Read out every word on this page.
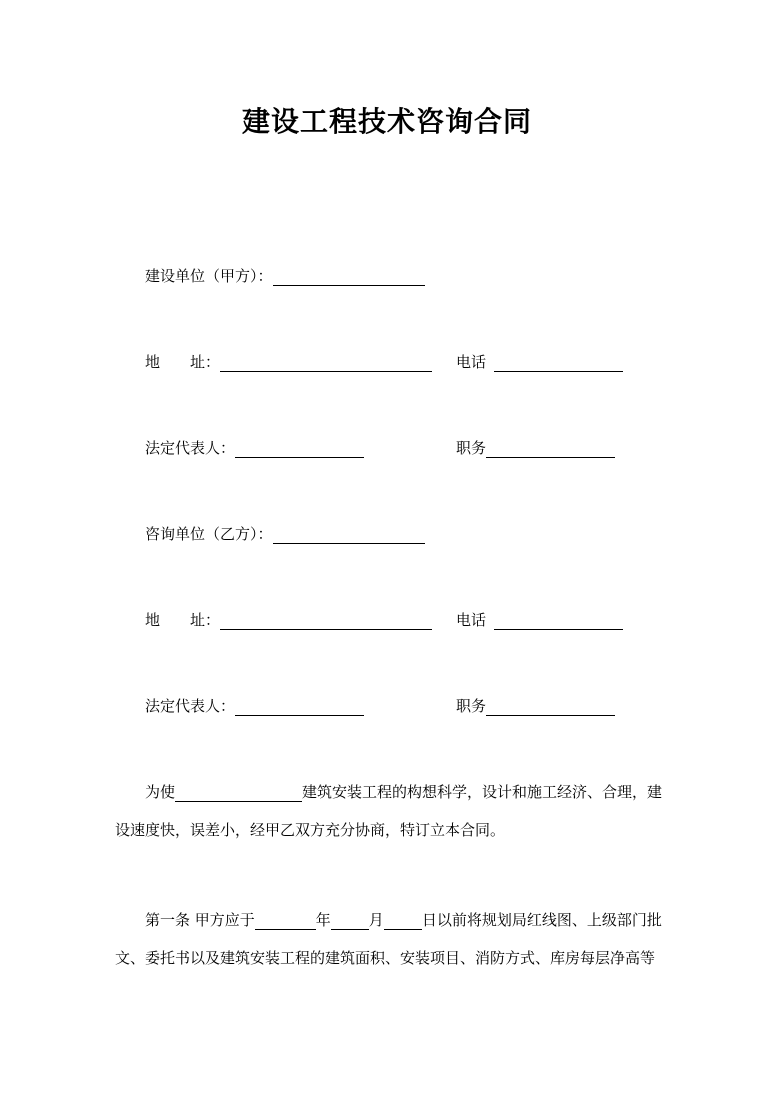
建设工程技术咨询合同
建设单位（甲方）：
地　　址：	电话
法定代表人：	职务
咨询单位（乙方）：
地　　址：	电话
法定代表人：	职务
为使	建筑安装工程的构想科学，设计和施工经济、合理，建
设速度快，误差小，经甲乙双方充分协商，特订立本合同。
第一条 甲方应于	年	月	日以前将规划局红线图、上级部门批
文、委托书以及建筑安装工程的建筑面积、安装项目、消防方式、库房每层净高等
